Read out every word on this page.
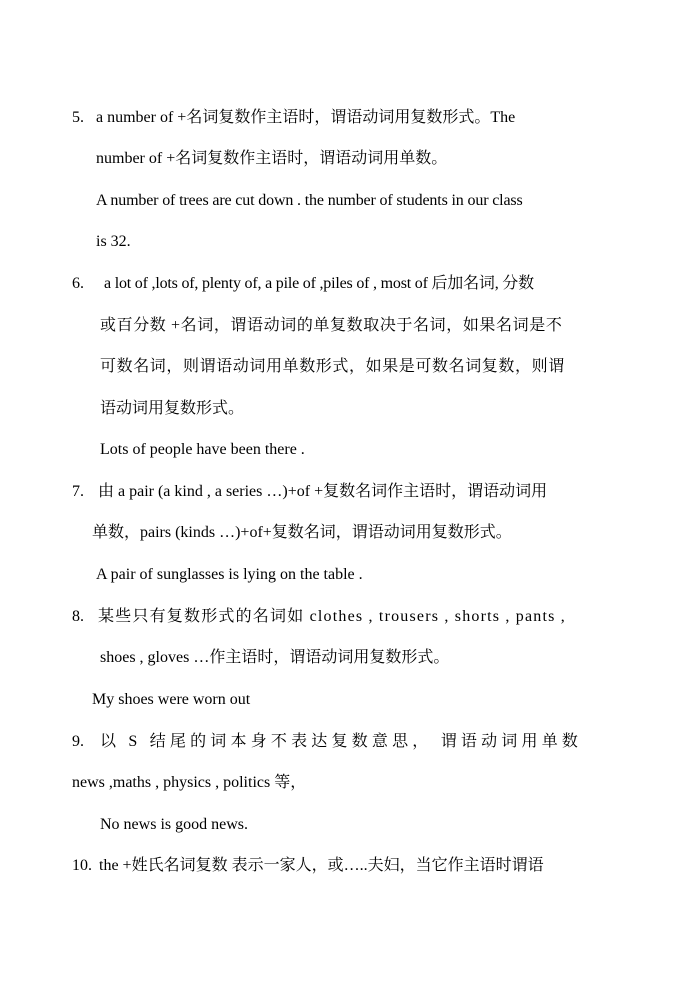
5. a number of +名词复数作主语时，谓语动词用复数形式。The
number of +名词复数作主语时，谓语动词用单数。
A number of trees are cut down . the number of students in our class
is 32.
6. a lot of ,lots of, plenty of, a pile of ,piles of , most of 后加名词, 分数
或百分数 +名词，谓语动词的单复数取决于名词，如果名词是不
可数名词，则谓语动词用单数形式，如果是可数名词复数，则谓
语动词用复数形式。
Lots of people have been there .
7. 由 a pair (a kind , a series …)+of +复数名词作主语时，谓语动词用
单数，pairs (kinds …)+of+复数名词，谓语动词用复数形式。
A pair of sunglasses is lying on the table .
8. 某些只有复数形式的名词如 clothes , trousers , shorts , pants ,
shoes , gloves …作主语时，谓语动词用复数形式。
My shoes were worn out
9. 以 S 结尾的词本身不表达复数意思， 谓语动词用单数
news ,maths , physics , politics 等，
No news is good news.
10. the +姓氏名词复数 表示一家人，或…..夫妇，当它作主语时谓语
